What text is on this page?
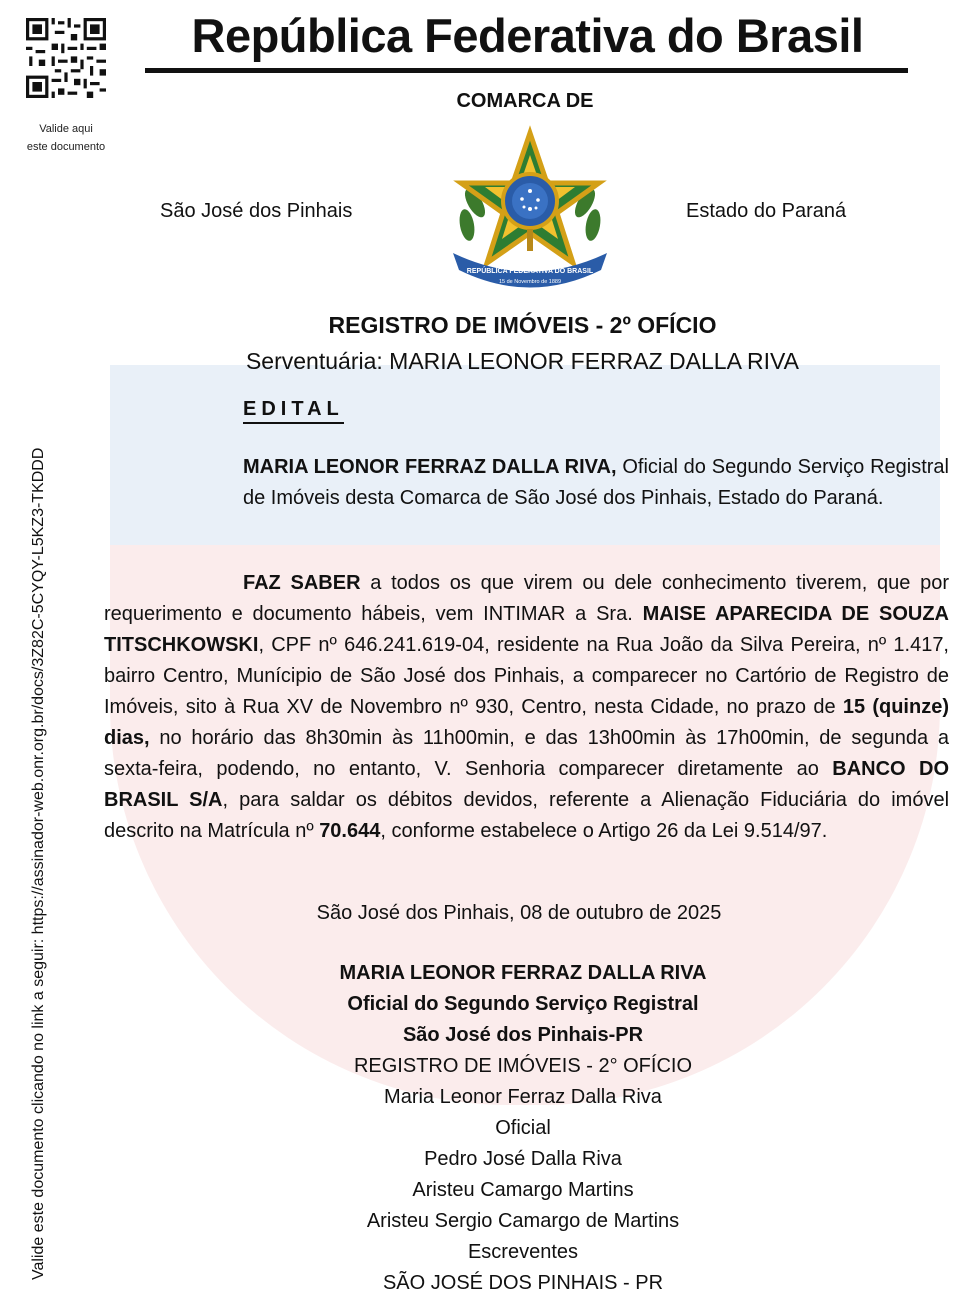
Valide aqui
este documento
República Federativa do Brasil
COMARCA DE
São José dos Pinhais	Estado do Paraná
REPÚBLICA FEDERATIVA DO BRASIL
15 de Novembro de 1889
REGISTRO DE IMÓVEIS - 2º OFÍCIO
Serventuária: MARIA LEONOR FERRAZ DALLA RIVA
EDITAL

MARIA LEONOR FERRAZ DALLA RIVA, Oficial do Segundo Serviço Registral de Imóveis desta Comarca de São José dos Pinhais, Estado do Paraná.

FAZ SABER a todos os que virem ou dele conhecimento tiverem, que por requerimento e documento hábeis, vem INTIMAR a Sra. MAISE APARECIDA DE SOUZA TITSCHKOWSKI, CPF nº 646.241.619-04, residente na Rua João da Silva Pereira, nº 1.417, bairro Centro, Munícipio de São José dos Pinhais, a comparecer no Cartório de Registro de Imóveis, sito à Rua XV de Novembro nº 930, Centro, nesta Cidade, no prazo de 15 (quinze) dias, no horário das 8h30min às 11h00min, e das 13h00min às 17h00min, de segunda a sexta-feira, podendo, no entanto, V. Senhoria comparecer diretamente ao BANCO DO BRASIL S/A, para saldar os débitos devidos, referente a Alienação Fiduciária do imóvel descrito na Matrícula nº 70.644, conforme estabelece o Artigo 26 da Lei 9.514/97.

São José dos Pinhais, 08 de outubro de 2025
MARIA LEONOR FERRAZ DALLA RIVA
Oficial do Segundo Serviço Registral
São José dos Pinhais-PR
REGISTRO DE IMÓVEIS - 2° OFÍCIO
Maria Leonor Ferraz Dalla Riva
Oficial
Pedro José Dalla Riva
Aristeu Camargo Martins
Aristeu Sergio Camargo de Martins
Escreventes
SÃO JOSÉ DOS PINHAIS - PR
Valide este documento clicando no link a seguir: https://assinador-web.onr.org.br/docs/3Z82C-5CYQY-L5KZ3-TKDDD
